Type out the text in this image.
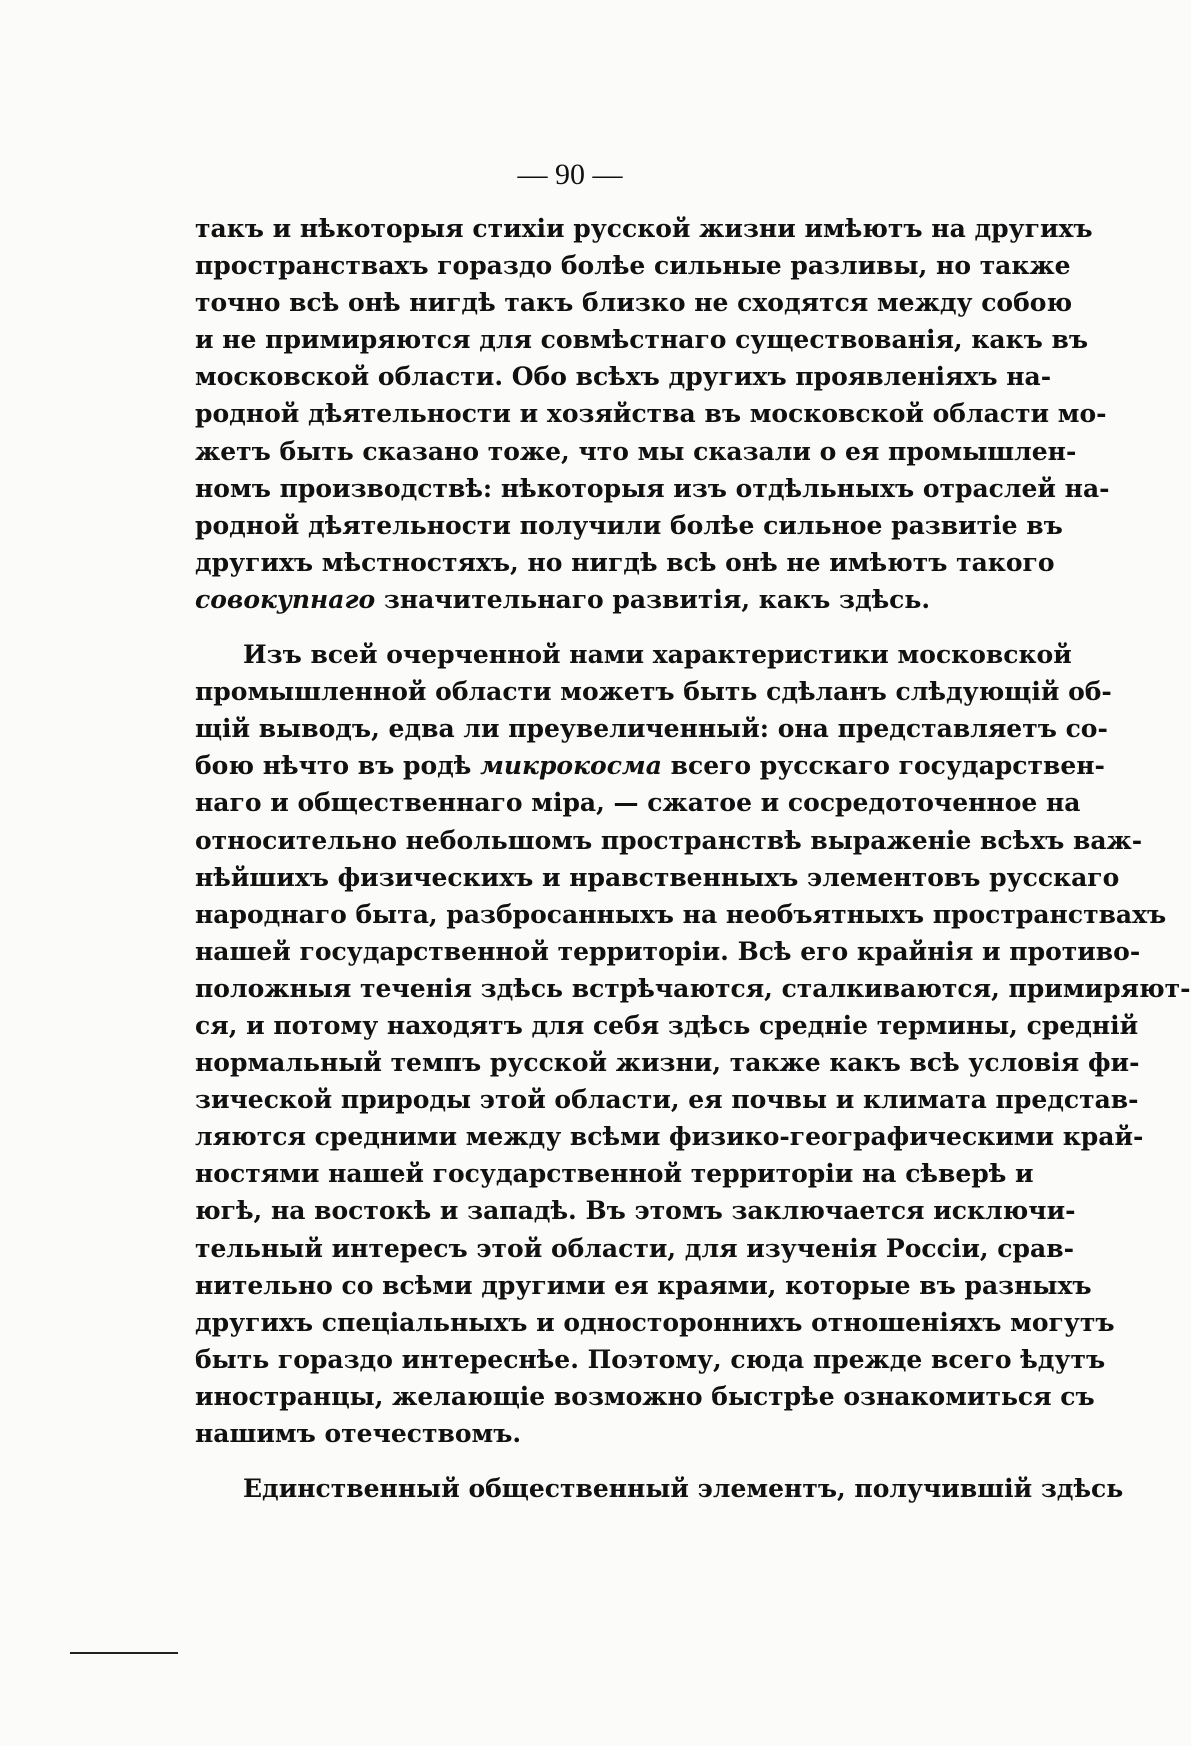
— 90 —
такъ и нѣкоторыя стихіи русской жизни имѣютъ на другихъ
пространствахъ гораздо болѣе сильные разливы, но также
точно всѣ онѣ нигдѣ такъ близко не сходятся между собою
и не примиряются для совмѣстнаго существованія, какъ въ
московской области. Обо всѣхъ другихъ проявленіяхъ на-
родной дѣятельности и хозяйства въ московской области мо-
жетъ быть сказано тоже, что мы сказали о ея промышлен-
номъ производствѣ: нѣкоторыя изъ отдѣльныхъ отраслей на-
родной дѣятельности получили болѣе сильное развитіе въ
другихъ мѣстностяхъ, но нигдѣ всѣ онѣ не имѣютъ такого
совокупнаго значительнаго развитія, какъ здѣсь.
Изъ всей очерченной нами характеристики московской
промышленной области можетъ быть сдѣланъ слѣдующій об-
щій выводъ, едва ли преувеличенный: она представляетъ со-
бою нѣчто въ родѣ микрокосма всего русскаго государствен-
наго и общественнаго міра, — сжатое и сосредоточенное на
относительно небольшомъ пространствѣ выраженіе всѣхъ важ-
нѣйшихъ физическихъ и нравственныхъ элементовъ русскаго
народнаго быта, разбросанныхъ на необъятныхъ пространствахъ
нашей государственной территоріи. Всѣ его крайнія и противо-
положныя теченія здѣсь встрѣчаются, сталкиваются, примиряют-
ся, и потому находятъ для себя здѣсь средніе термины, средній
нормальный темпъ русской жизни, также какъ всѣ условія фи-
зической природы этой области, ея почвы и климата представ-
ляются средними между всѣми физико-географическими край-
ностями нашей государственной территоріи на сѣверѣ и
югѣ, на востокѣ и западѣ. Въ этомъ заключается исключи-
тельный интересъ этой области, для изученія Россіи, срав-
нительно со всѣми другими ея краями, которые въ разныхъ
другихъ спеціальныхъ и одностороннихъ отношеніяхъ могутъ
быть гораздо интереснѣе. Поэтому, сюда прежде всего ѣдутъ
иностранцы, желающіе возможно быстрѣе ознакомиться съ
нашимъ отечествомъ.
Единственный общественный элементъ, получившій здѣсь
